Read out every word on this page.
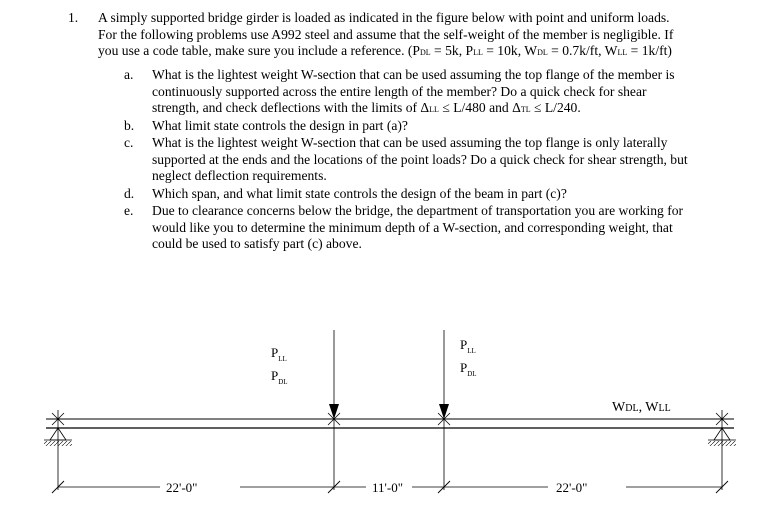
1. A simply supported bridge girder is loaded as indicated in the figure below with point and uniform loads.
For the following problems use A992 steel and assume that the self-weight of the member is negligible. If
you use a code table, make sure you include a reference. (PDL = 5k, PLL = 10k, WDL = 0.7k/ft, WLL = 1k/ft)
a.	What is the lightest weight W-section that can be used assuming the top flange of the member is
continuously supported across the entire length of the member? Do a quick check for shear
strength, and check deflections with the limits of ΔLL ≤ L/480 and ΔTL ≤ L/240.
b.	What limit state controls the design in part (a)?
c.	What is the lightest weight W-section that can be used assuming the top flange is only laterally
supported at the ends and the locations of the point loads? Do a quick check for shear strength, but
neglect deflection requirements.
d.	Which span, and what limit state controls the design of the beam in part (c)?
e.	Due to clearance concerns below the bridge, the department of transportation you are working for
would like you to determine the minimum depth of a W-section, and corresponding weight, that
could be used to satisfy part (c) above.
$P_{LL}$
$P_{DL}$
$P_{LL}$
$P_{DL}$
WDL, WLL
22'-0"	11'-0"	22'-0"
